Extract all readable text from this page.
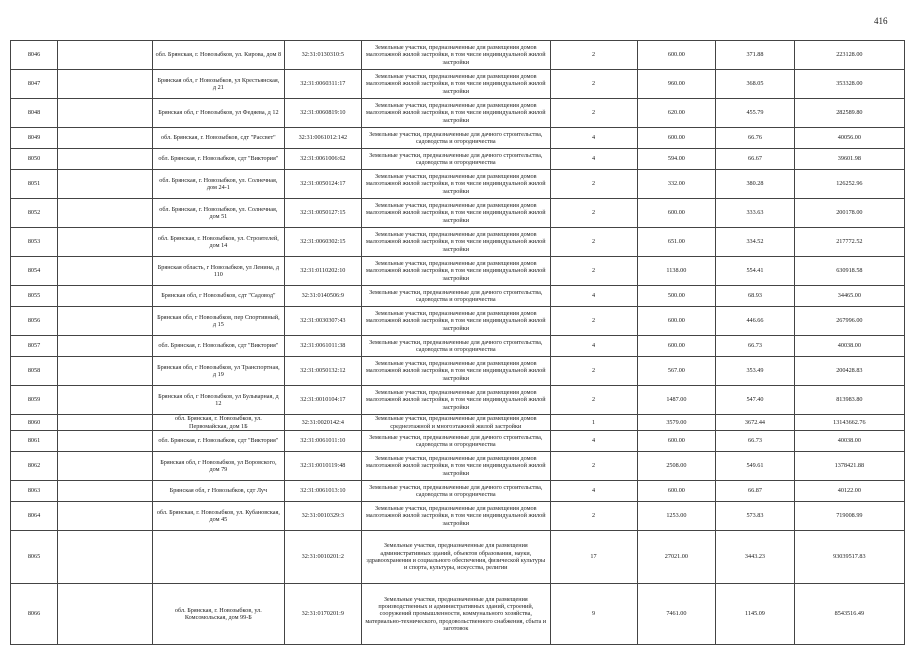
416
8046		обл. Брянская, г. Новозыбков, ул. Кирова, дом 8	32:31:0130310:5	Земельные участки, предназначенные для размещения домов малоэтажной жилой застройки, в том числе индивидуальной жилой застройки	2	600.00	371.88	223128.00
8047		Брянская обл, г Новозыбков, ул Крестьянская, д 21	32:31:0060311:17	Земельные участки, предназначенные для размещения домов малоэтажной жилой застройки, в том числе индивидуальной жилой застройки	2	960.00	368.05	353328.00
8048		Брянская обл, г Новозыбков, ул Федяева, д 12	32:31:0060819:10	Земельные участки, предназначенные для размещения домов малоэтажной жилой застройки, в том числе индивидуальной жилой застройки	2	620.00	455.79	282589.80
8049		обл. Брянская, г. Новозыбков, сдт "Рассвет"	32:31:0061012:142	Земельные участки, предназначенные для дачного строительства, садоводства и огородничества	4	600.00	66.76	40056.00
8050		обл. Брянская, г. Новозыбков, сдт "Виктория"	32:31:0061006:62	Земельные участки, предназначенные для дачного строительства, садоводства и огородничества	4	594.00	66.67	39601.98
8051		обл. Брянская, г. Новозыбков, ул. Солнечная, дом 24-1	32:31:0050124:17	Земельные участки, предназначенные для размещения домов малоэтажной жилой застройки, в том числе индивидуальной жилой застройки	2	332.00	380.28	126252.96
8052		обл. Брянская, г. Новозыбков, ул. Солнечная, дом 51	32:31:0050127:15	Земельные участки, предназначенные для размещения домов малоэтажной жилой застройки, в том числе индивидуальной жилой застройки	2	600.00	333.63	200178.00
8053		обл. Брянская, г. Новозыбков, ул. Строителей, дом 14	32:31:0060302:15	Земельные участки, предназначенные для размещения домов малоэтажной жилой застройки, в том числе индивидуальной жилой застройки	2	651.00	334.52	217772.52
8054		Брянская область, г Новозыбков, ул Ленина, д 110	32:31:0110202:10	Земельные участки, предназначенные для размещения домов малоэтажной жилой застройки, в том числе индивидуальной жилой застройки	2	1138.00	554.41	630918.58
8055		Брянская обл, г Новозыбков, сдт "Садовод"	32:31:0140506:9	Земельные участки, предназначенные для дачного строительства, садоводства и огородничества	4	500.00	68.93	34465.00
8056		Брянская обл, г Новозыбков, пер Спортивный, д 15	32:31:0030307:43	Земельные участки, предназначенные для размещения домов малоэтажной жилой застройки, в том числе индивидуальной жилой застройки	2	600.00	446.66	267996.00
8057		обл. Брянская, г. Новозыбков, сдт "Виктория"	32:31:0061011:38	Земельные участки, предназначенные для дачного строительства, садоводства и огородничества	4	600.00	66.73	40038.00
8058		Брянская обл, г Новозыбков, ул Транспортная, д 19	32:31:0050132:12	Земельные участки, предназначенные для размещения домов малоэтажной жилой застройки, в том числе индивидуальной жилой застройки	2	567.00	353.49	200428.83
8059		Брянская обл, г Новозыбков, ул Бульварная, д 12	32:31:0010104:17	Земельные участки, предназначенные для размещения домов малоэтажной жилой застройки, в том числе индивидуальной жилой застройки	2	1487.00	547.40	813983.80
8060		обл. Брянская, г. Новозыбков, ул. Первомайская, дом 1Б	32:31:0020142:4	Земельные участки, предназначенные для размещения домов среднеэтажной и многоэтажной жилой застройки	1	3579.00	3672.44	13143662.76
8061		обл. Брянская, г. Новозыбков, сдт "Виктория"	32:31:0061011:10	Земельные участки, предназначенные для дачного строительства, садоводства и огородничества	4	600.00	66.73	40038.00
8062		Брянская обл, г Новозыбков, ул Воровского, дом 79	32:31:0010119:48	Земельные участки, предназначенные для размещения домов малоэтажной жилой застройки, в том числе индивидуальной жилой застройки	2	2508.00	549.61	1378421.88
8063		Брянская обл, г Новозыбков, сдт Луч	32:31:0061013:10	Земельные участки, предназначенные для дачного строительства, садоводства и огородничества	4	600.00	66.87	40122.00
8064		обл. Брянская, г. Новозыбков, ул. Кубановская, дом 45	32:31:0010329:3	Земельные участки, предназначенные для размещения домов малоэтажной жилой застройки, в том числе индивидуальной жилой застройки	2	1253.00	573.83	719008.99
8065			32:31:0010201:2	Земельные участки, предназначенные для размещения административных зданий, объектов образования, науки, здравоохранения и социального обеспечения, физической культуры и спорта, культуры, искусства, религии	17	27021.00	3443.23	93039517.83
8066		обл. Брянская, г. Новозыбков, ул. Комсомольская, дом 99-Б	32:31:0170201:9	Земельные участки, предназначенные для размещения производственных и административных зданий, строений, сооружений промышленности, коммунального хозяйства, материально-технического, продовольственного снабжения, сбыта и заготовок	9	7461.00	1145.09	8543516.49
